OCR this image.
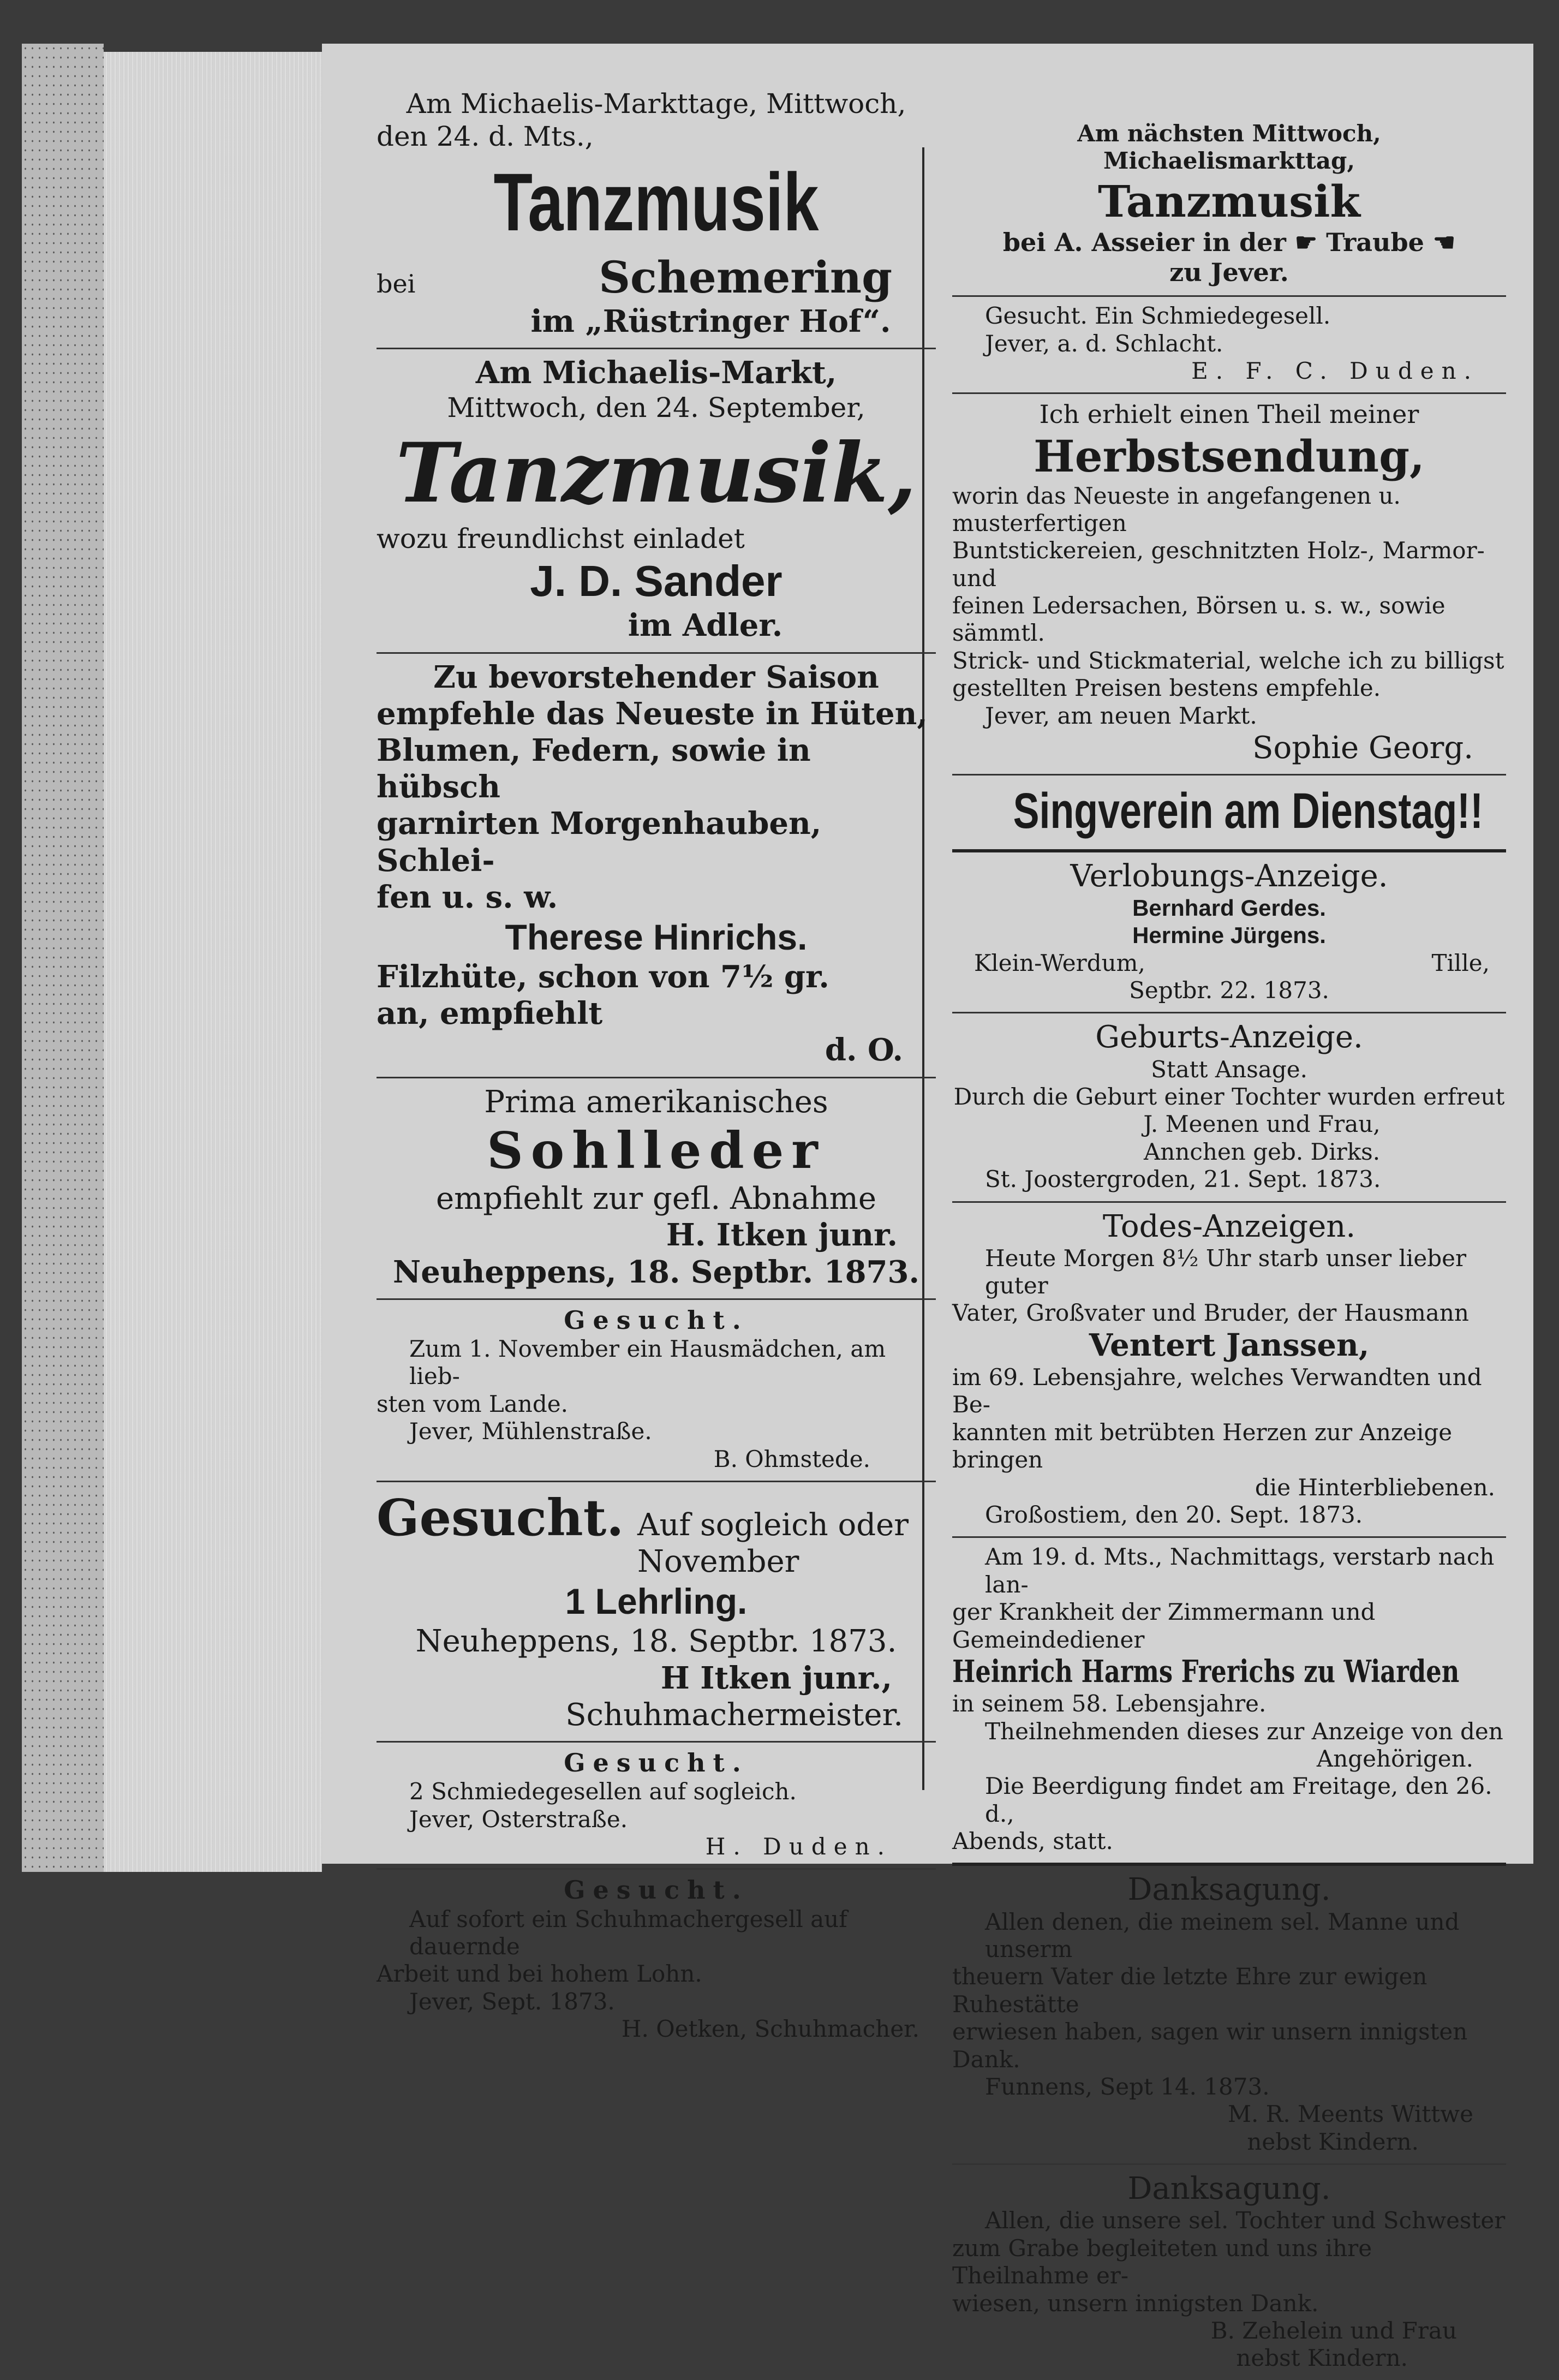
Am Michaelis-Markttage, Mittwoch,
den 24. d. Mts.,
Tanzmusik
bei	Schemering
im „Rüstringer Hof“.
Am Michaelis-Markt,
Mittwoch, den 24. September,
Tanzmusik,
wozu freundlichst einladet
J. D. Sander
im Adler.
Zu bevorstehender Saison
empfehle das Neueste in Hüten,
Blumen, Federn, sowie in hübsch
garnirten Morgenhauben, Schlei-
fen u. s. w.
Therese Hinrichs.
Filzhüte, schon von 7½ gr.
an, empfiehlt
d. O.
Prima amerikanisches
Sohlleder
empfiehlt zur gefl. Abnahme
H. Itken junr.
Neuheppens, 18. Septbr. 1873.
Gesucht.
Zum 1. November ein Hausmädchen, am lieb-
sten vom Lande.
Jever, Mühlenstraße.
B. Ohmstede.
Gesucht. Auf sogleich oder
November
1 Lehrling.
Neuheppens, 18. Septbr. 1873.
H Itken junr.,
Schuhmachermeister.
Gesucht.
2 Schmiedegesellen auf sogleich.
Jever, Osterstraße.
H. Duden.
Gesucht.
Auf sofort ein Schuhmachergesell auf dauernde
Arbeit und bei hohem Lohn.
Jever, Sept. 1873.
H. Oetken, Schuhmacher.
Am nächsten Mittwoch, Michaelismarkttag,
Tanzmusik
bei A. Asseier in der ☛ Traube ☚
zu Jever.
Gesucht. Ein Schmiedegesell.
Jever, a. d. Schlacht.
E. F. C. Duden.
Ich erhielt einen Theil meiner
Herbstsendung,
worin das Neueste in angefangenen u. musterfertigen
Buntstickereien, geschnitzten Holz-, Marmor- und
feinen Ledersachen, Börsen u. s. w., sowie sämmtl.
Strick- und Stickmaterial, welche ich zu billigst
gestellten Preisen bestens empfehle.
Jever, am neuen Markt.
Sophie Georg.
Singverein am Dienstag!!
Verlobungs-Anzeige.
Bernhard Gerdes.
Hermine Jürgens.
Klein-Werdum,	Tille,
Septbr. 22. 1873.
Geburts-Anzeige.
Statt Ansage.
Durch die Geburt einer Tochter wurden erfreut
J. Meenen und Frau,
Annchen geb. Dirks.
St. Joostergroden, 21. Sept. 1873.
Todes-Anzeigen.
Heute Morgen 8½ Uhr starb unser lieber guter
Vater, Großvater und Bruder, der Hausmann
Ventert Janssen,
im 69. Lebensjahre, welches Verwandten und Be-
kannten mit betrübten Herzen zur Anzeige bringen
die Hinterbliebenen.
Großostiem, den 20. Sept. 1873.
Am 19. d. Mts., Nachmittags, verstarb nach lan-
ger Krankheit der Zimmermann und Gemeindediener
Heinrich Harms Frerichs zu Wiarden
in seinem 58. Lebensjahre.
Theilnehmenden dieses zur Anzeige von den
Angehörigen.
Die Beerdigung findet am Freitage, den 26. d.,
Abends, statt.
Danksagung.
Allen denen, die meinem sel. Manne und unserm
theuern Vater die letzte Ehre zur ewigen Ruhestätte
erwiesen haben, sagen wir unsern innigsten Dank.
Funnens, Sept 14. 1873.
M. R. Meents Wittwe
nebst Kindern.
Danksagung.
Allen, die unsere sel. Tochter und Schwester
zum Grabe begleiteten und uns ihre Theilnahme er-
wiesen, unsern innigsten Dank.
B. Zehelein und Frau
nebst Kindern.
